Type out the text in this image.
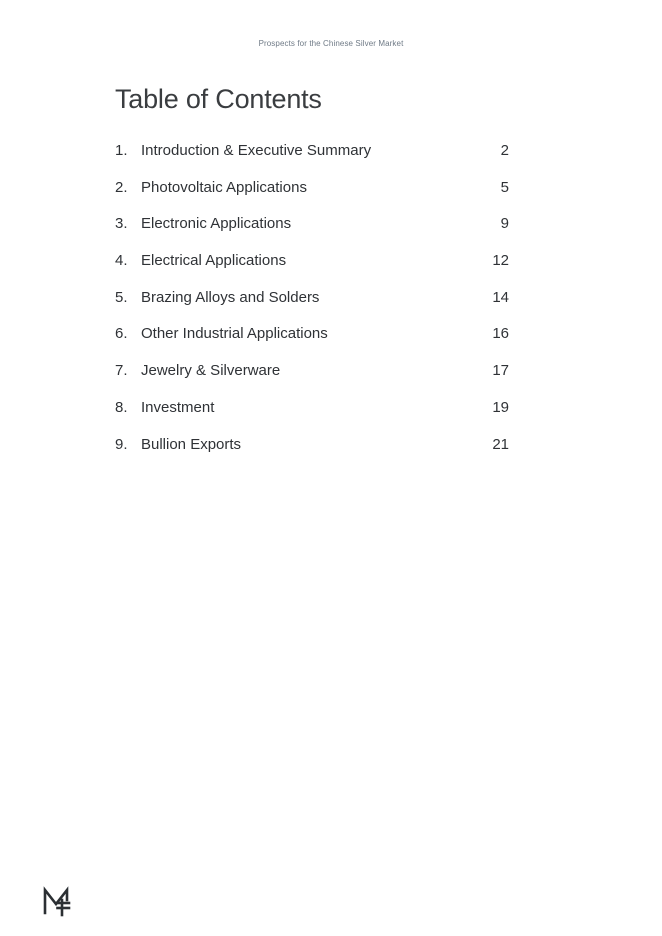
Prospects for the Chinese Silver Market
Table of Contents
1. Introduction & Executive Summary	2
2. Photovoltaic Applications	5
3. Electronic Applications	9
4. Electrical Applications	12
5. Brazing Alloys and Solders	14
6. Other Industrial Applications	16
7. Jewelry & Silverware	17
8. Investment	19
9. Bullion Exports	21
